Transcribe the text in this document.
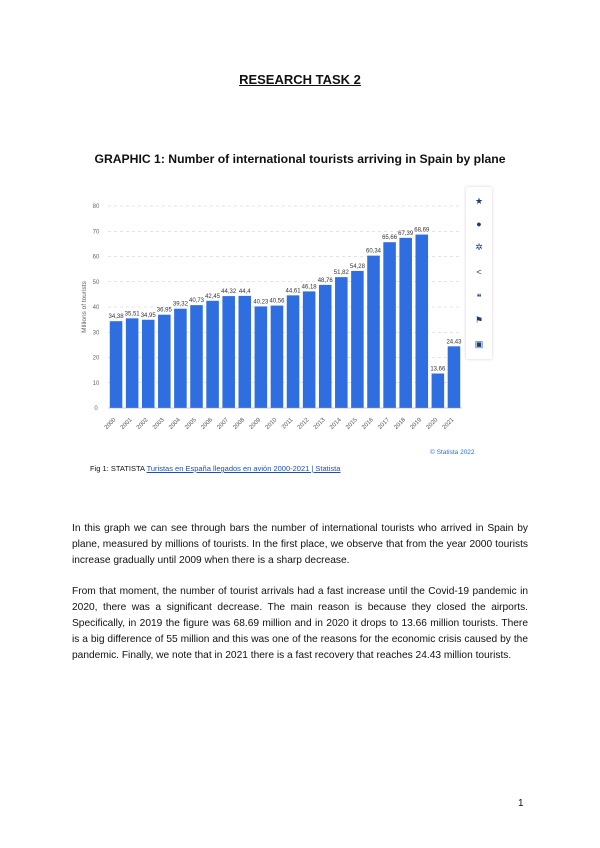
RESEARCH TASK 2
GRAPHIC 1: Number of international tourists arriving in Spain by plane
Millions of tourists
0
10
20
30
40
50
60
70
80
34,38
2000
35,51
2001
34,95
2002
36,95
2003
39,32
2004
40,73
2005
42,45
2006
44,32
2007
44,4
2008
40,23
2009
40,56
2010
44,61
2011
46,18
2012
48,76
2013
51,82
2014
54,28
2015
60,34
2016
65,66
2017
67,39
2018
68,69
2019
13,66
2020
24,43
2021
★
●
✲
<
❝
⚑
▣
© Statista 2022
Fig 1: STATISTA Turistas en España llegados en avión 2000-2021 | Statista
In this graph we can see through bars the number of international tourists who arrived in Spain by plane, measured by millions of tourists. In the first place, we observe that from the year 2000 tourists increase gradually until 2009 when there is a sharp decrease.
From that moment, the number of tourist arrivals had a fast increase until the Covid-19 pandemic in 2020, there was a significant decrease. The main reason is because they closed the airports. Specifically, in 2019 the figure was 68.69 million and in 2020 it drops to 13.66 million tourists. There is a big difference of 55 million and this was one of the reasons for the economic crisis caused by the pandemic. Finally, we note that in 2021 there is a fast recovery that reaches 24.43 million tourists.
1
